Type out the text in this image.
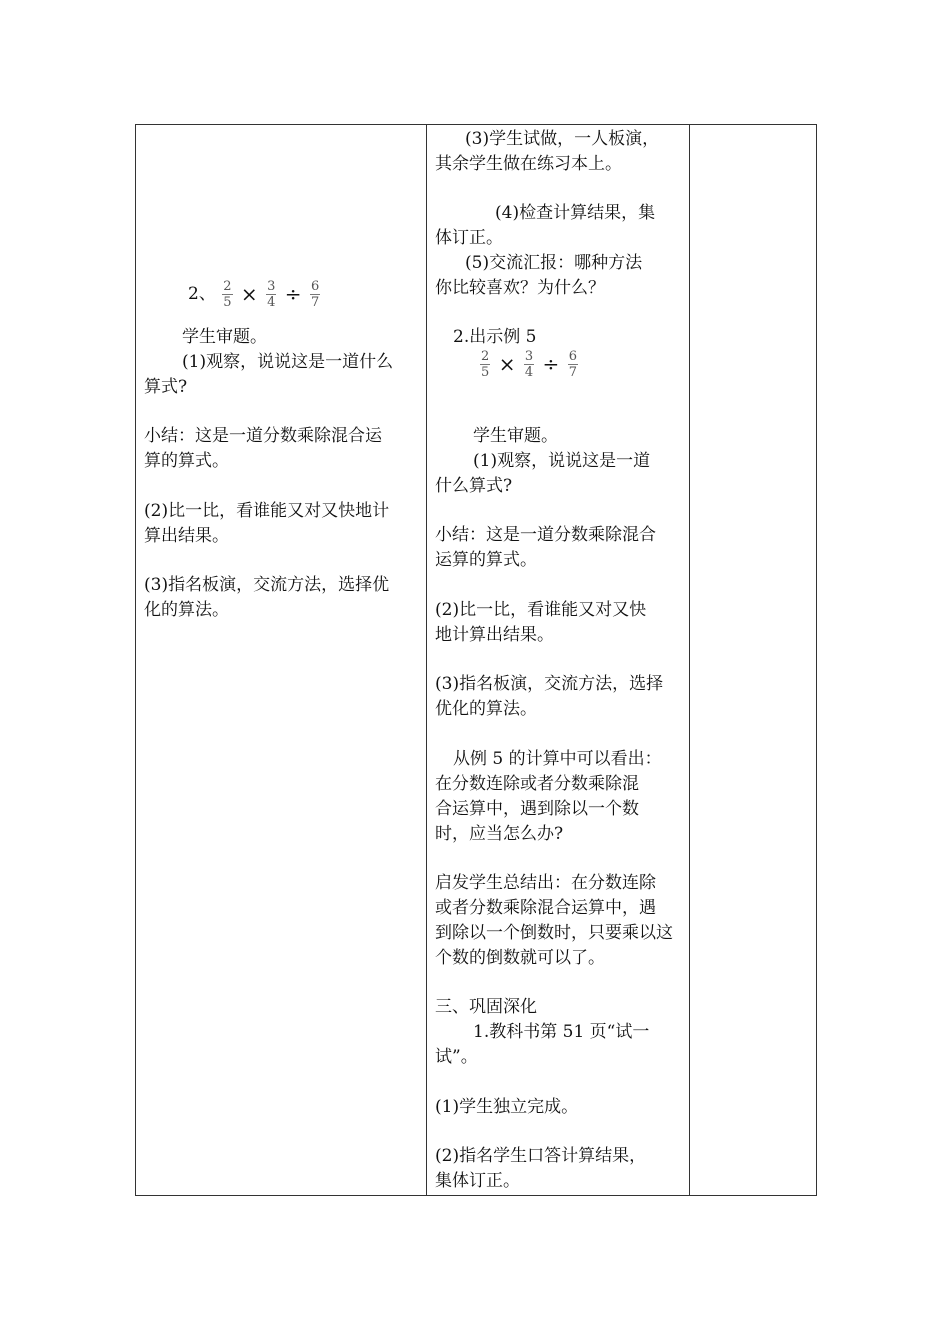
2、 $\frac{2}{5} \times \frac{3}{4} \div \frac{6}{7}$
学生审题。
(1)观察，说说这是一道什么
算式?
小结：这是一道分数乘除混合运
算的算式。
(2)比一比，看谁能又对又快地计
算出结果。
(3)指名板演，交流方法，选择优
化的算法。

(3)学生试做，一人板演，
其余学生做在练习本上。
(4)检查计算结果，集
体订正。
(5)交流汇报：哪种方法
你比较喜欢？为什么？
2.出示例 5
$\frac{2}{5} \times \frac{3}{4} \div \frac{6}{7}$
学生审题。
(1)观察，说说这是一道
什么算式?
小结：这是一道分数乘除混合
运算的算式。
(2)比一比，看谁能又对又快
地计算出结果。
(3)指名板演，交流方法，选择
优化的算法。
从例 5 的计算中可以看出：
在分数连除或者分数乘除混
合运算中，遇到除以一个数
时，应当怎么办?
启发学生总结出：在分数连除
或者分数乘除混合运算中，遇
到除以一个倒数时，只要乘以这
个数的倒数就可以了。
三、巩固深化
1.教科书第 51 页“试一
试”。
(1)学生独立完成。
(2)指名学生口答计算结果，
集体订正。
